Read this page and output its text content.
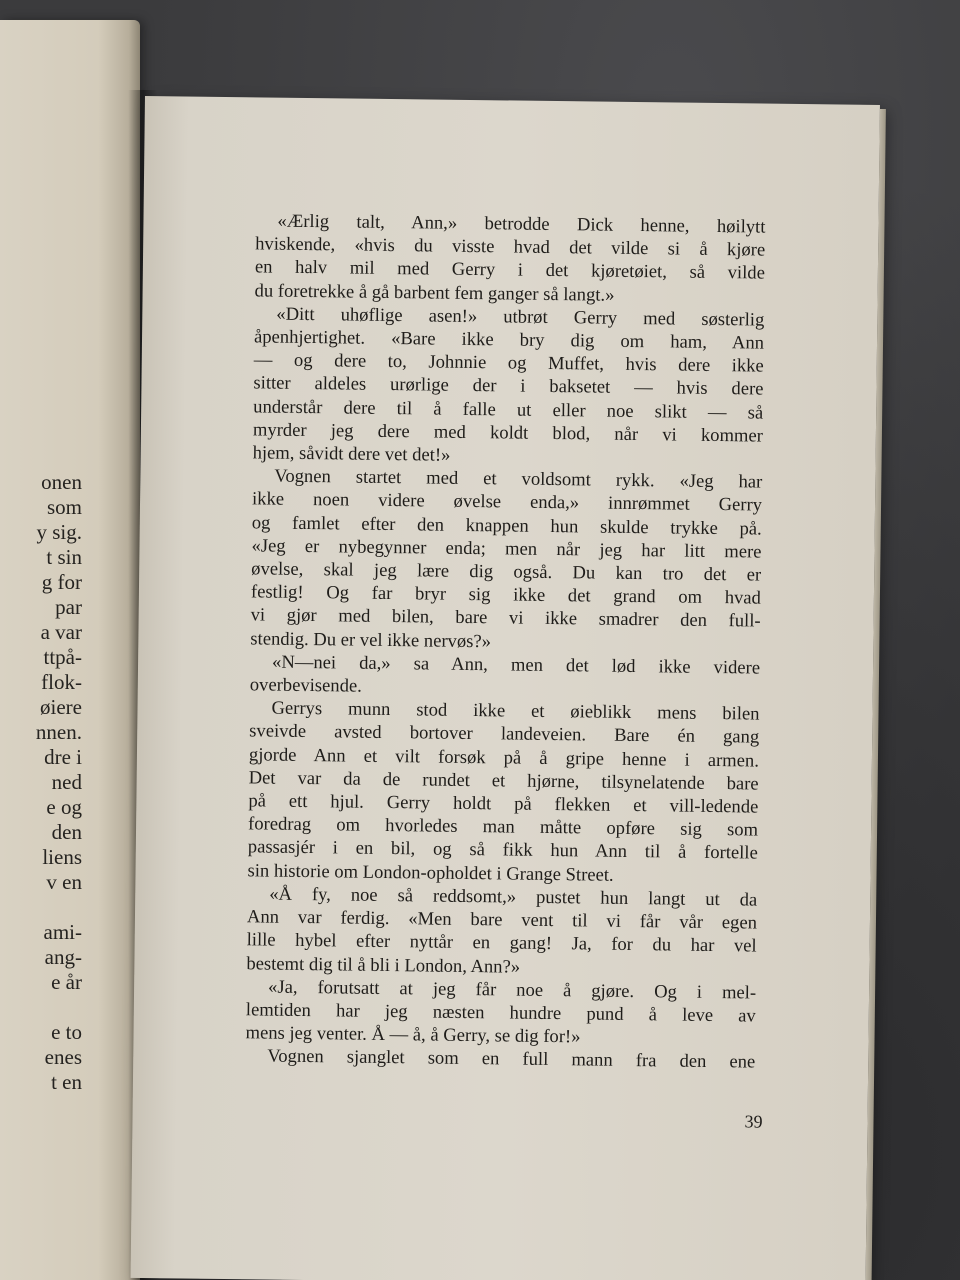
onen
som
y sig.
t sin
g for
par
a var
ttpå-
flok-
øiere
nnen.
dre i
ned
e og
den
liens
v en
ami-
ang-
e år
e to
enes
t en
«Ærlig talt, Ann,» betrodde Dick henne, høilytt
hviskende, «hvis du visste hvad det vilde si å kjøre
en halv mil med Gerry i det kjøretøiet, så vilde
du foretrekke å gå barbent fem ganger så langt.»
«Ditt uhøflige asen!» utbrøt Gerry med søsterlig
åpenhjertighet. «Bare ikke bry dig om ham, Ann
— og dere to, Johnnie og Muffet, hvis dere ikke
sitter aldeles urørlige der i baksetet — hvis dere
understår dere til å falle ut eller noe slikt — så
myrder jeg dere med koldt blod, når vi kommer
hjem, såvidt dere vet det!»
Vognen startet med et voldsomt rykk. «Jeg har
ikke noen videre øvelse enda,» innrømmet Gerry
og famlet efter den knappen hun skulde trykke på.
«Jeg er nybegynner enda; men når jeg har litt mere
øvelse, skal jeg lære dig også. Du kan tro det er
festlig! Og far bryr sig ikke det grand om hvad
vi gjør med bilen, bare vi ikke smadrer den full-
stendig. Du er vel ikke nervøs?»
«N—nei da,» sa Ann, men det lød ikke videre
overbevisende.
Gerrys munn stod ikke et øieblikk mens bilen
sveivde avsted bortover landeveien. Bare én gang
gjorde Ann et vilt forsøk på å gripe henne i armen.
Det var da de rundet et hjørne, tilsynelatende bare
på ett hjul. Gerry holdt på flekken et vill-ledende
foredrag om hvorledes man måtte opføre sig som
passasjér i en bil, og så fikk hun Ann til å fortelle
sin historie om London-opholdet i Grange Street.
«Å fy, noe så reddsomt,» pustet hun langt ut da
Ann var ferdig. «Men bare vent til vi får vår egen
lille hybel efter nyttår en gang! Ja, for du har vel
bestemt dig til å bli i London, Ann?»
«Ja, forutsatt at jeg får noe å gjøre. Og i mel-
lemtiden har jeg næsten hundre pund å leve av
mens jeg venter. Å — å, å Gerry, se dig for!»
Vognen sjanglet som en full mann fra den ene
39
